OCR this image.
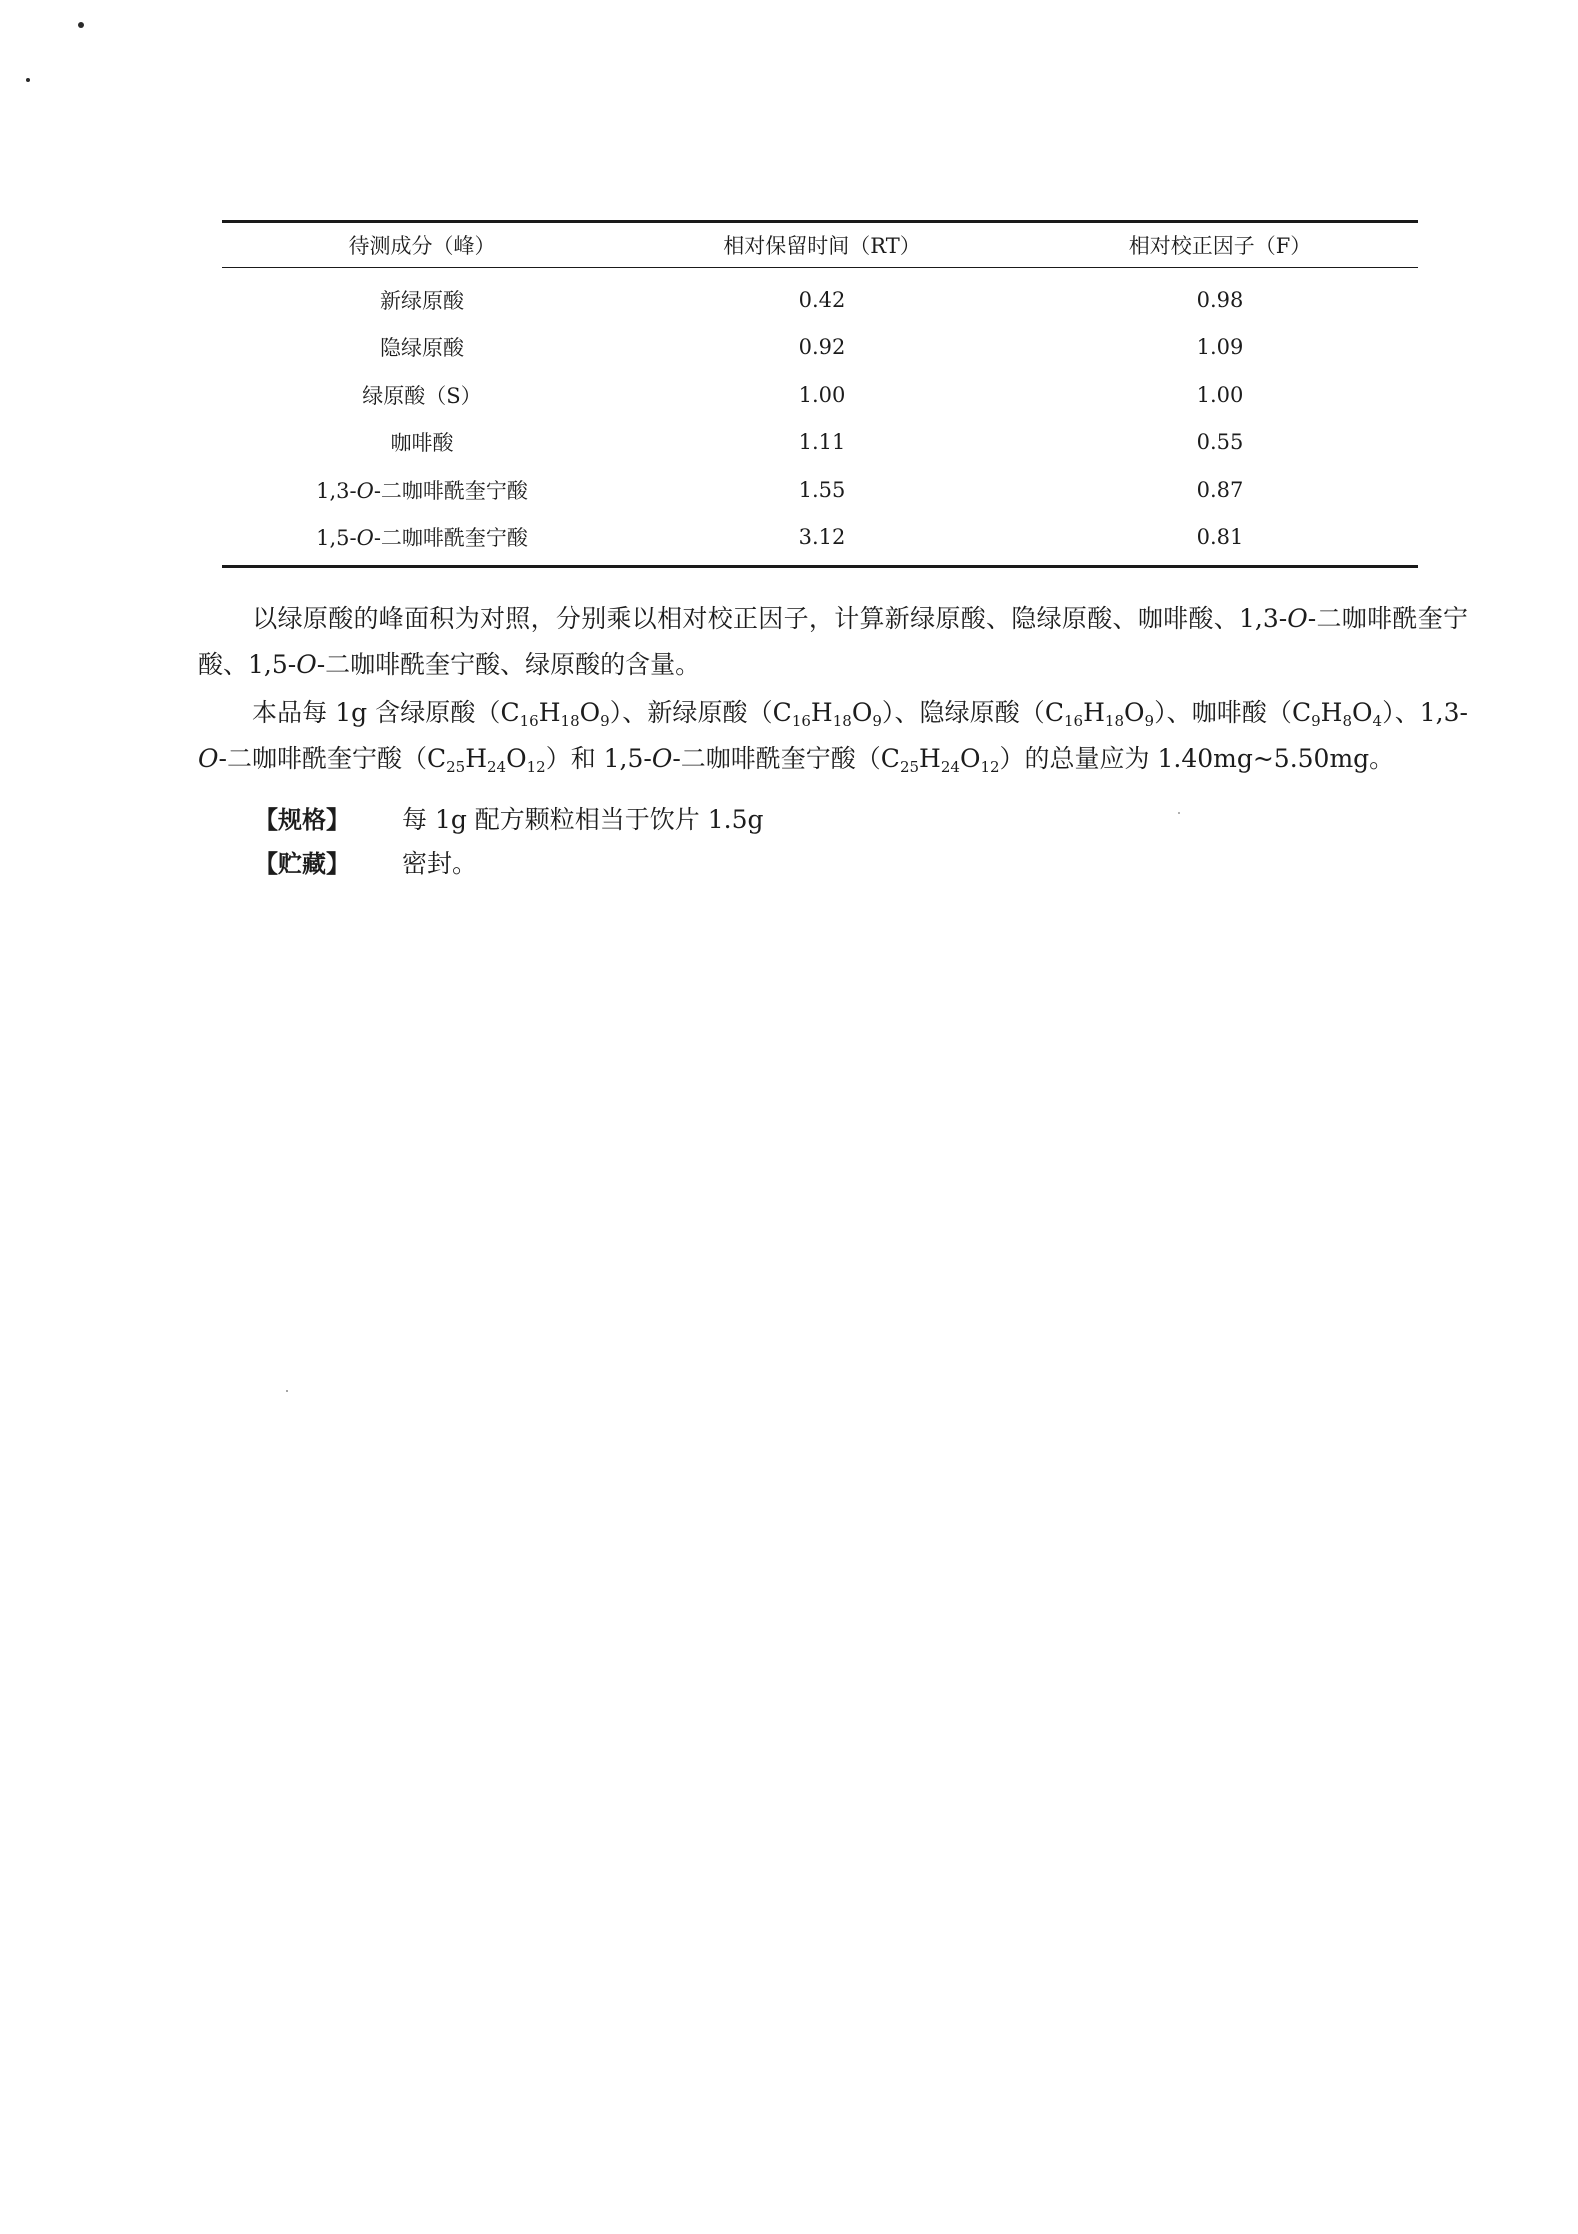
待测成分（峰）	相对保留时间（RT）	相对校正因子（F）
新绿原酸	0.42	0.98
隐绿原酸	0.92	1.09
绿原酸（S）	1.00	1.00
咖啡酸	1.11	0.55
1,3-O-二咖啡酰奎宁酸	1.55	0.87
1,5-O-二咖啡酰奎宁酸	3.12	0.81
以绿原酸的峰面积为对照，分别乘以相对校正因子，计算新绿原酸、隐绿原酸、咖啡酸、1,3-O-二咖啡酰奎宁酸、1,5-O-二咖啡酰奎宁酸、绿原酸的含量。
本品每 1g 含绿原酸$(C_{16}H_{18}O_9)$、新绿原酸$(C_{16}H_{18}O_9)$、隐绿原酸$(C_{16}H_{18}O_9)$、咖啡酸$(C_9H_8O_4)$、1,3-O-二咖啡酰奎宁酸$(C_{25}H_{24}O_{12})$和 1,5-O-二咖啡酰奎宁酸$(C_{25}H_{24}O_{12})$的总量应为 1.40mg~5.50mg。
【规格】 每 1g 配方颗粒相当于饮片 1.5g
【贮藏】 密封。
